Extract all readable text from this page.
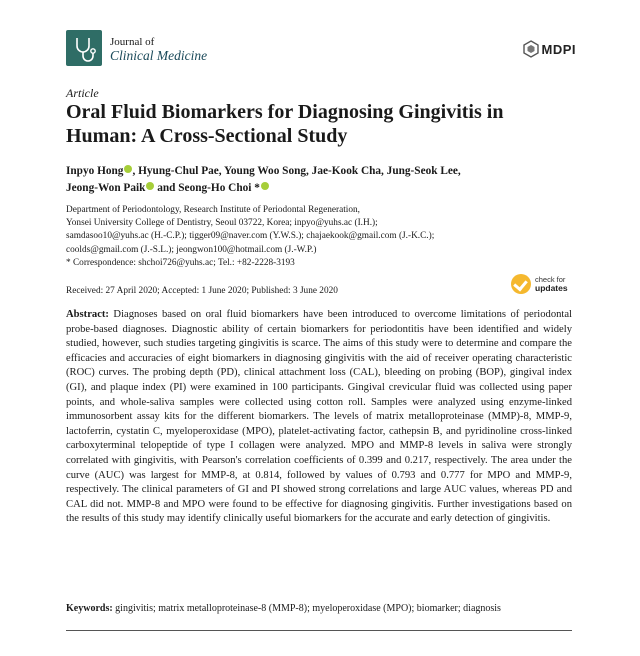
Journal of
Clinical Medicine	MDPI
Article
Oral Fluid Biomarkers for Diagnosing Gingivitis in Human: A Cross-Sectional Study
Inpyo Hong , Hyung-Chul Pae, Young Woo Song, Jae-Kook Cha, Jung-Seok Lee,
Jeong-Won Paik and Seong-Ho Choi *

Department of Periodontology, Research Institute of Periodontal Regeneration,

Yonsei University College of Dentistry, Seoul 03722, Korea; inpyo@yuhs.ac (I.H.);

samdasoo10@yuhs.ac (H.-C.P.); tigger09@naver.com (Y.W.S.); chajaekook@gmail.com (J.-K.C.);

coolds@gmail.com (J.-S.L.); jeongwon100@hotmail.com (J.-W.P.)

* Correspondence: shchoi726@yuhs.ac; Tel.: +82-2228-3193

Received: 27 April 2020; Accepted: 1 June 2020; Published: 3 June 2020
check for
updates
Abstract: Diagnoses based on oral fluid biomarkers have been introduced to overcome limitations of periodontal probe-based diagnoses. Diagnostic ability of certain biomarkers for periodontitis have been identified and widely studied, however, such studies targeting gingivitis is scarce. The aims of this study were to determine and compare the efficacies and accuracies of eight biomarkers in diagnosing gingivitis with the aid of receiver operating characteristic (ROC) curves. The probing depth (PD), clinical attachment loss (CAL), bleeding on probing (BOP), gingival index (GI), and plaque index (PI) were examined in 100 participants. Gingival crevicular fluid was collected using paper points, and whole-saliva samples were collected using cotton roll. Samples were analyzed using enzyme-linked immunosorbent assay kits for the different biomarkers. The levels of matrix metalloproteinase (MMP)-8, MMP-9, lactoferrin, cystatin C, myeloperoxidase (MPO), platelet-activating factor, cathepsin B, and pyridinoline cross-linked carboxyterminal telopeptide of type I collagen were analyzed. MPO and MMP-8 levels in saliva were strongly correlated with gingivitis, with Pearson's correlation coefficients of 0.399 and 0.217, respectively. The area under the curve (AUC) was largest for MMP-8, at 0.814, followed by values of 0.793 and 0.777 for MPO and MMP-9, respectively. The clinical parameters of GI and PI showed strong correlations and large AUC values, whereas PD and CAL did not. MMP-8 and MPO were found to be effective for diagnosing gingivitis. Further investigations based on the results of this study may identify clinically useful biomarkers for the accurate and early detection of gingivitis.
Keywords: gingivitis; matrix metalloproteinase-8 (MMP-8); myeloperoxidase (MPO); biomarker; diagnosis
